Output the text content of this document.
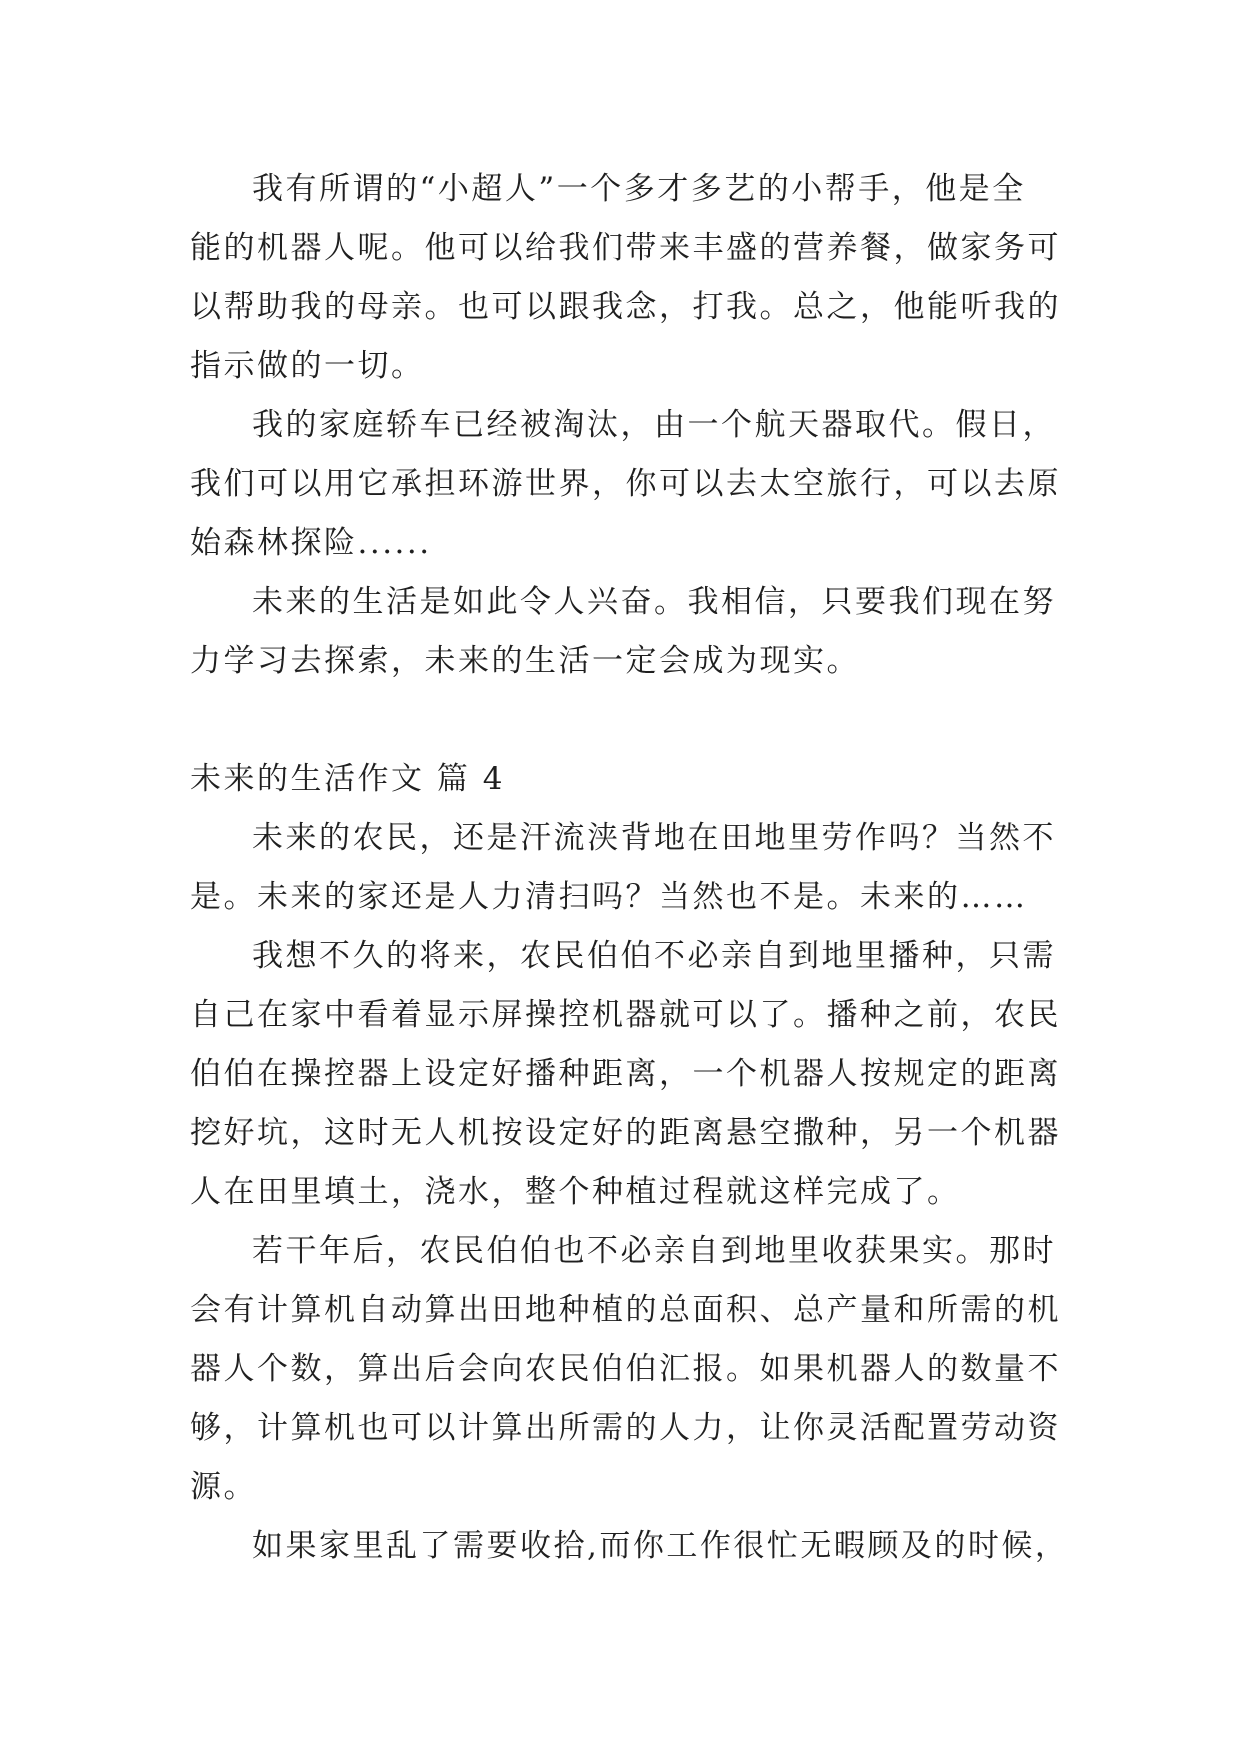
我有所谓的“小超人”一个多才多艺的小帮手，他是全
能的机器人呢。他可以给我们带来丰盛的营养餐，做家务可
以帮助我的母亲。也可以跟我念，打我。总之，他能听我的
指示做的一切。

我的家庭轿车已经被淘汰，由一个航天器取代。假日，
我们可以用它承担环游世界，你可以去太空旅行，可以去原
始森林探险......

未来的生活是如此令人兴奋。我相信，只要我们现在努
力学习去探索，未来的生活一定会成为现实。

未来的生活作文 篇 4

未来的农民，还是汗流浃背地在田地里劳作吗？当然不
是。未来的家还是人力清扫吗？当然也不是。未来的……

我想不久的将来，农民伯伯不必亲自到地里播种，只需
自己在家中看着显示屏操控机器就可以了。播种之前，农民
伯伯在操控器上设定好播种距离，一个机器人按规定的距离
挖好坑，这时无人机按设定好的距离悬空撒种，另一个机器
人在田里填土，浇水，整个种植过程就这样完成了。

若干年后，农民伯伯也不必亲自到地里收获果实。那时
会有计算机自动算出田地种植的总面积、总产量和所需的机
器人个数，算出后会向农民伯伯汇报。如果机器人的数量不
够，计算机也可以计算出所需的人力，让你灵活配置劳动资
源。

如果家里乱了需要收拾,而你工作很忙无暇顾及的时候，
